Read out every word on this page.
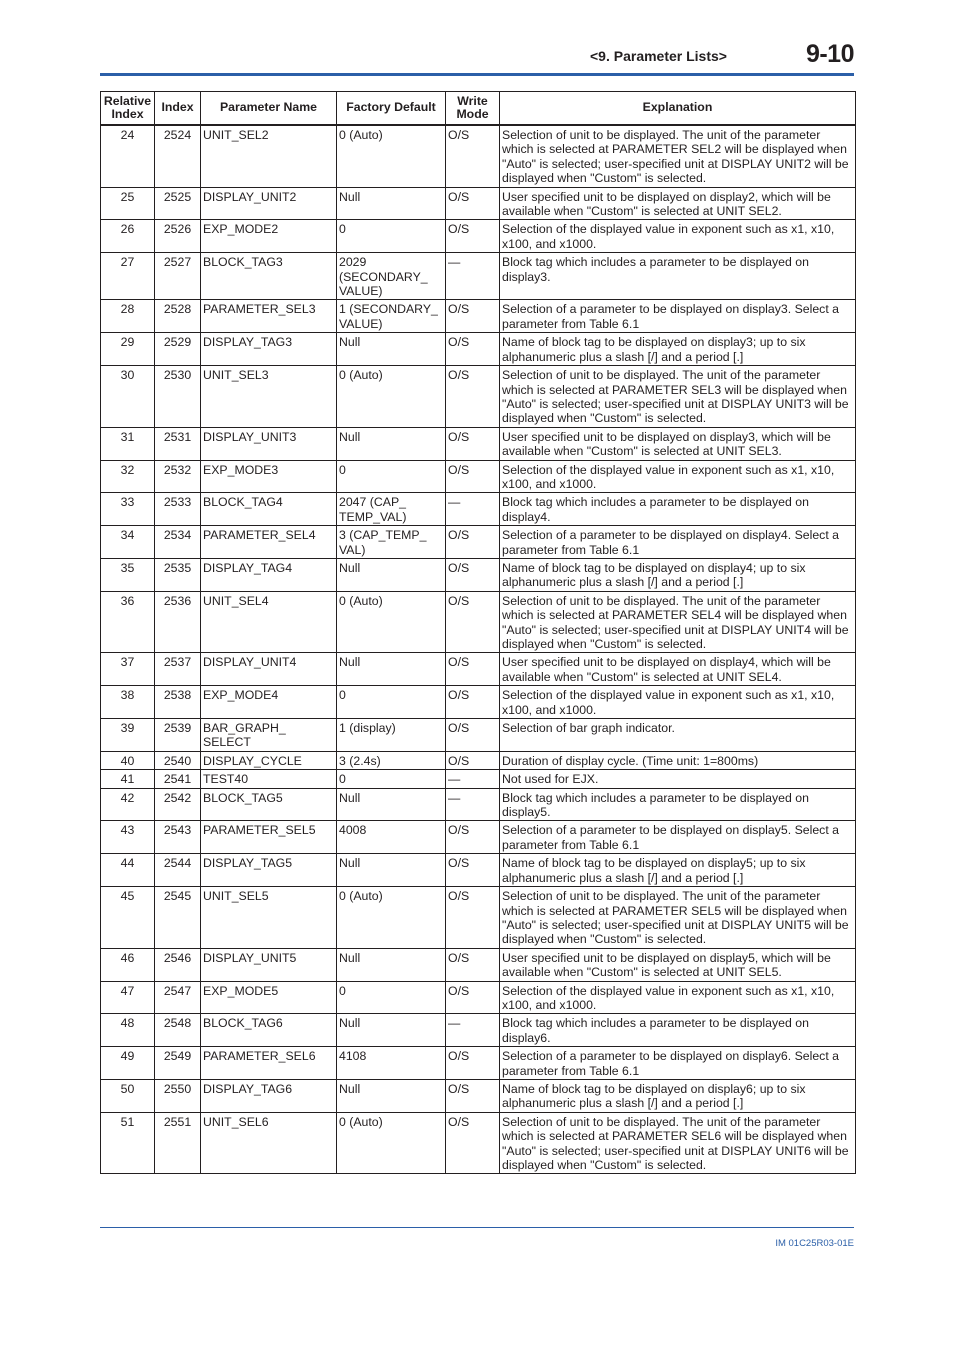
<9. Parameter Lists>	9-10
Relative Index	Index	Parameter Name	Factory Default	Write Mode	Explanation
24	2524	UNIT_SEL2	0 (Auto)	O/S	Selection of unit to be displayed. The unit of the parameter which is selected at PARAMETER SEL2 will be displayed when "Auto" is selected; user-specified unit at DISPLAY UNIT2 will be displayed when "Custom" is selected.
25	2525	DISPLAY_UNIT2	Null	O/S	User specified unit to be displayed on display2, which will be available when "Custom" is selected at UNIT SEL2.
26	2526	EXP_MODE2	0	O/S	Selection of the displayed value in exponent such as x1, x10, x100, and x1000.
27	2527	BLOCK_TAG3	2029 (SECONDARY_ VALUE)	—	Block tag which includes a parameter to be displayed on display3.
28	2528	PARAMETER_SEL3	1 (SECONDARY_ VALUE)	O/S	Selection of a parameter to be displayed on display3. Select a parameter from Table 6.1
29	2529	DISPLAY_TAG3	Null	O/S	Name of block tag to be displayed on display3; up to six alphanumeric plus a slash [/] and a period [.]
30	2530	UNIT_SEL3	0 (Auto)	O/S	Selection of unit to be displayed. The unit of the parameter which is selected at PARAMETER SEL3 will be displayed when "Auto" is selected; user-specified unit at DISPLAY UNIT3 will be displayed when "Custom" is selected.
31	2531	DISPLAY_UNIT3	Null	O/S	User specified unit to be displayed on display3, which will be available when "Custom" is selected at UNIT SEL3.
32	2532	EXP_MODE3	0	O/S	Selection of the displayed value in exponent such as x1, x10, x100, and x1000.
33	2533	BLOCK_TAG4	2047 (CAP_ TEMP_VAL)	—	Block tag which includes a parameter to be displayed on display4.
34	2534	PARAMETER_SEL4	3 (CAP_TEMP_ VAL)	O/S	Selection of a parameter to be displayed on display4. Select a parameter from Table 6.1
35	2535	DISPLAY_TAG4	Null	O/S	Name of block tag to be displayed on display4; up to six alphanumeric plus a slash [/] and a period [.]
36	2536	UNIT_SEL4	0 (Auto)	O/S	Selection of unit to be displayed. The unit of the parameter which is selected at PARAMETER SEL4 will be displayed when "Auto" is selected; user-specified unit at DISPLAY UNIT4 will be displayed when "Custom" is selected.
37	2537	DISPLAY_UNIT4	Null	O/S	User specified unit to be displayed on display4, which will be available when "Custom" is selected at UNIT SEL4.
38	2538	EXP_MODE4	0	O/S	Selection of the displayed value in exponent such as x1, x10, x100, and x1000.
39	2539	BAR_GRAPH_ SELECT	1 (display)	O/S	Selection of bar graph indicator.
40	2540	DISPLAY_CYCLE	3 (2.4s)	O/S	Duration of display cycle. (Time unit: 1=800ms)
41	2541	TEST40	0	—	Not used for EJX.
42	2542	BLOCK_TAG5	Null	—	Block tag which includes a parameter to be displayed on display5.
43	2543	PARAMETER_SEL5	4008	O/S	Selection of a parameter to be displayed on display5. Select a parameter from Table 6.1
44	2544	DISPLAY_TAG5	Null	O/S	Name of block tag to be displayed on display5; up to six alphanumeric plus a slash [/] and a period [.]
45	2545	UNIT_SEL5	0 (Auto)	O/S	Selection of unit to be displayed. The unit of the parameter which is selected at PARAMETER SEL5 will be displayed when "Auto" is selected; user-specified unit at DISPLAY UNIT5 will be displayed when "Custom" is selected.
46	2546	DISPLAY_UNIT5	Null	O/S	User specified unit to be displayed on display5, which will be available when "Custom" is selected at UNIT SEL5.
47	2547	EXP_MODE5	0	O/S	Selection of the displayed value in exponent such as x1, x10, x100, and x1000.
48	2548	BLOCK_TAG6	Null	—	Block tag which includes a parameter to be displayed on display6.
49	2549	PARAMETER_SEL6	4108	O/S	Selection of a parameter to be displayed on display6. Select a parameter from Table 6.1
50	2550	DISPLAY_TAG6	Null	O/S	Name of block tag to be displayed on display6; up to six alphanumeric plus a slash [/] and a period [.]
51	2551	UNIT_SEL6	0 (Auto)	O/S	Selection of unit to be displayed. The unit of the parameter which is selected at PARAMETER SEL6 will be displayed when "Auto" is selected; user-specified unit at DISPLAY UNIT6 will be displayed when "Custom" is selected.
IM 01C25R03-01E
